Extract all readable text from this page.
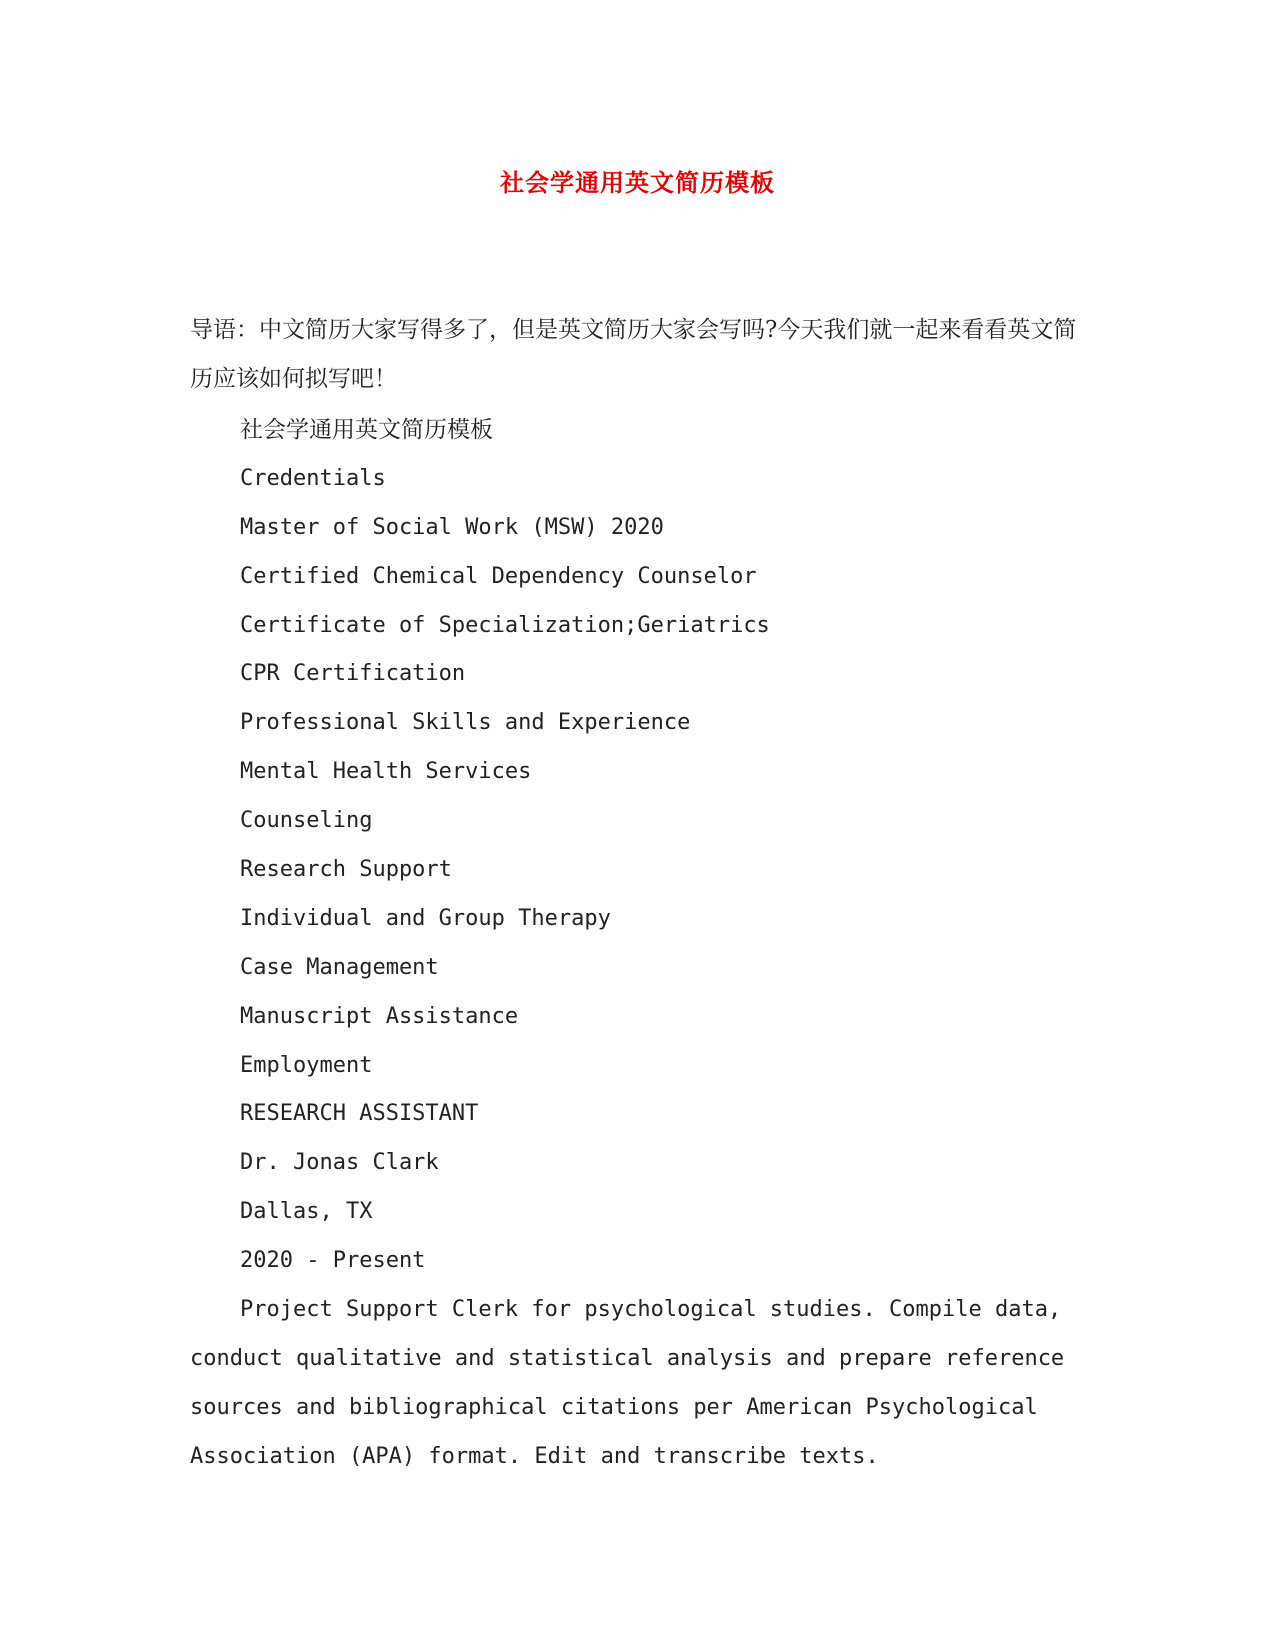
社会学通用英文简历模板

导语：中文简历大家写得多了，但是英文简历大家会写吗?今天我们就一起来看看英文简历应该如何拟写吧！

社会学通用英文简历模板
Credentials
Master of Social Work (MSW) 2020
Certified Chemical Dependency Counselor
Certificate of Specialization;Geriatrics
CPR Certification
Professional Skills and Experience
Mental Health Services
Counseling
Research Support
Individual and Group Therapy
Case Management
Manuscript Assistance
Employment
RESEARCH ASSISTANT
Dr. Jonas Clark
Dallas, TX
2020 - Present

Project Support Clerk for psychological studies. Compile data, conduct qualitative and statistical analysis and prepare reference sources and bibliographical citations per American Psychological Association (APA) format. Edit and transcribe texts.
